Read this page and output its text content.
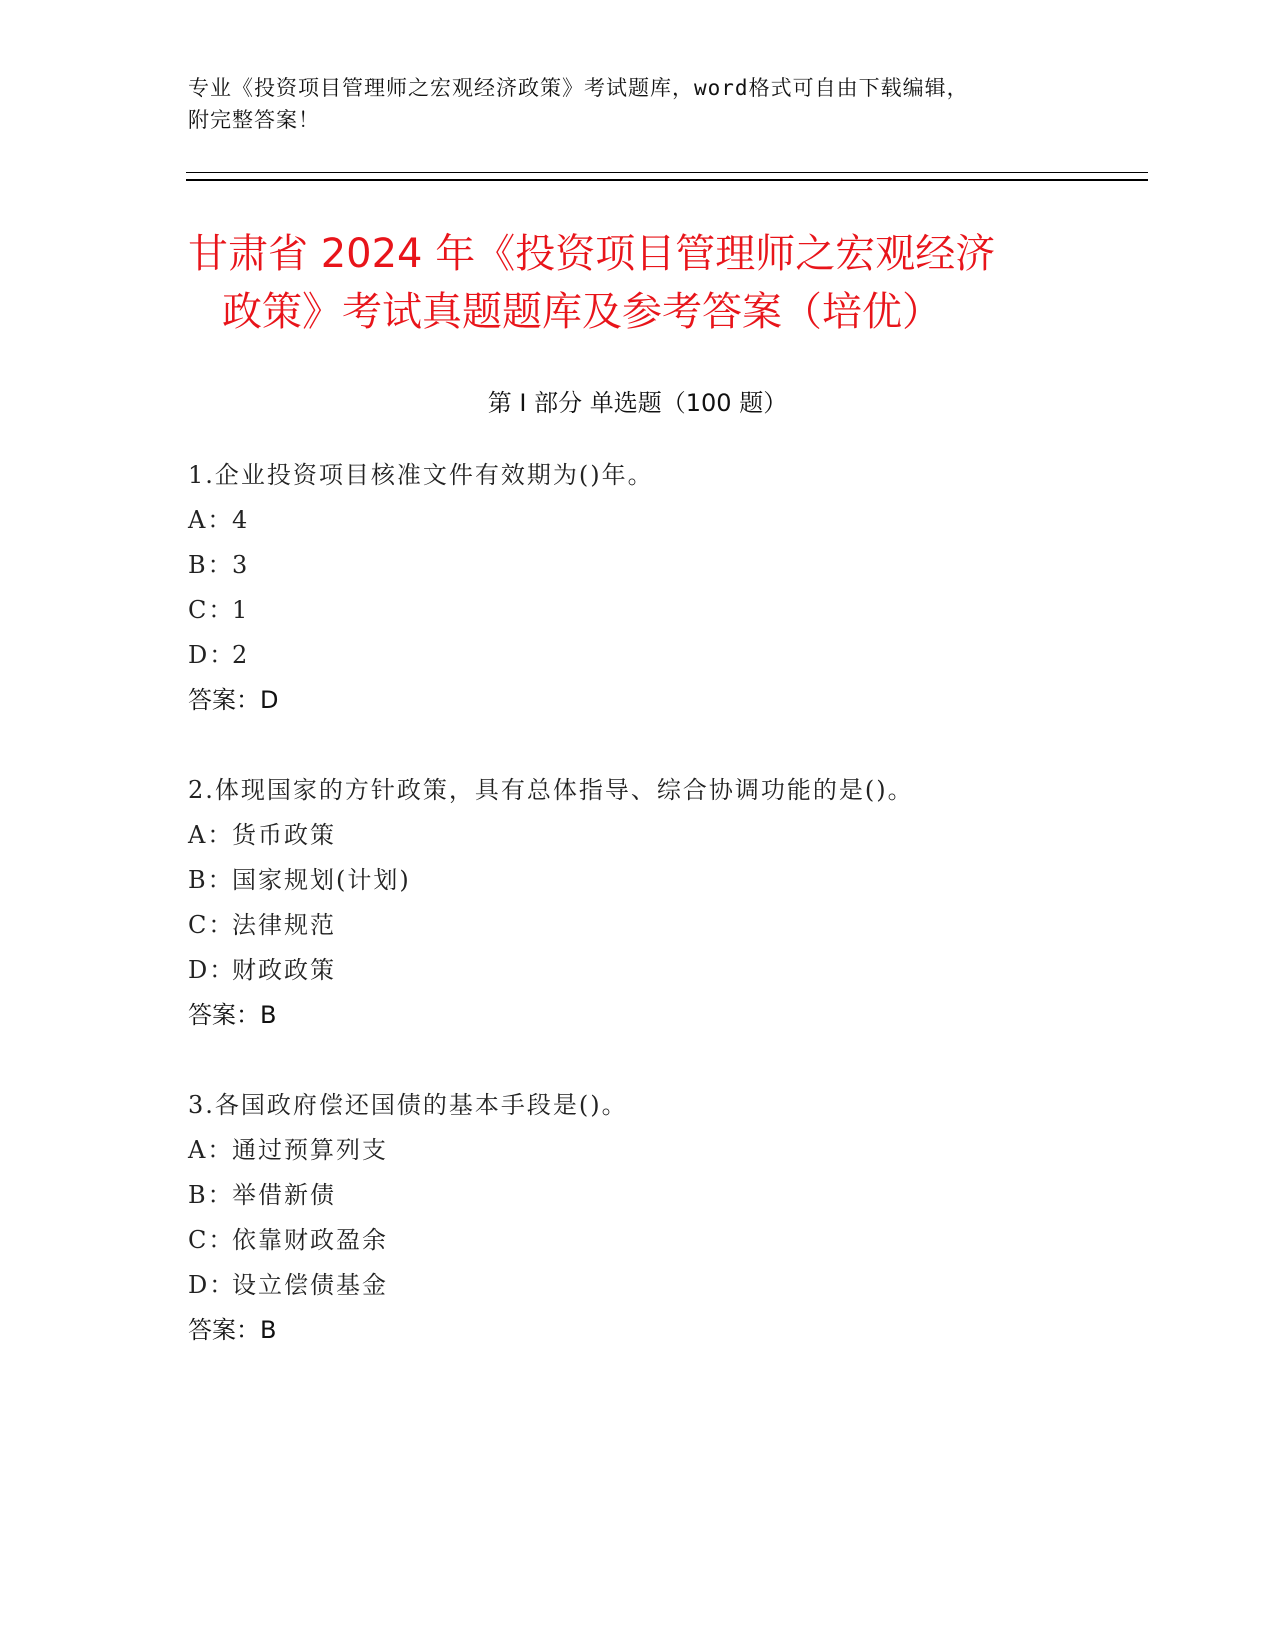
专业《投资项目管理师之宏观经济政策》考试题库，word格式可自由下载编辑，
附完整答案！
甘肃省 2024 年《投资项目管理师之宏观经济
政策》考试真题题库及参考答案（培优）
第 I 部分 单选题（100 题）
1.企业投资项目核准文件有效期为()年。
A：4
B：3
C：1
D：2
答案：D
2.体现国家的方针政策，具有总体指导、综合协调功能的是()。
A：货币政策
B：国家规划(计划)
C：法律规范
D：财政政策
答案：B
3.各国政府偿还国债的基本手段是()。
A：通过预算列支
B：举借新债
C：依靠财政盈余
D：设立偿债基金
答案：B
